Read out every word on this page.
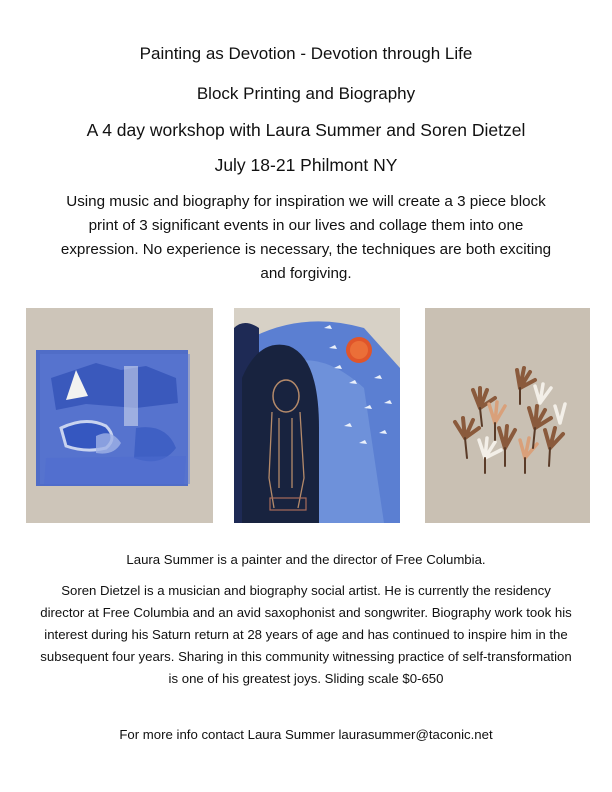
Painting as Devotion - Devotion through Life
Block Printing and Biography
A 4 day workshop with Laura Summer and Soren Dietzel
July 18-21 Philmont NY
Using music and biography for inspiration we will create a 3 piece block print of 3 significant events in our lives and collage them into one expression. No experience is necessary, the techniques are both exciting and forgiving.
Laura Summer is a painter and the director of Free Columbia.
Soren Dietzel is a musician and biography social artist. He is currently the residency director at Free Columbia and an avid saxophonist and songwriter. Biography work took his interest during his Saturn return at 28 years of age and has continued to inspire him in the subsequent four years. Sharing in this community witnessing practice of self-transformation is one of his greatest joys. Sliding scale $0-650
For more info contact Laura Summer laurasummer@taconic.net
